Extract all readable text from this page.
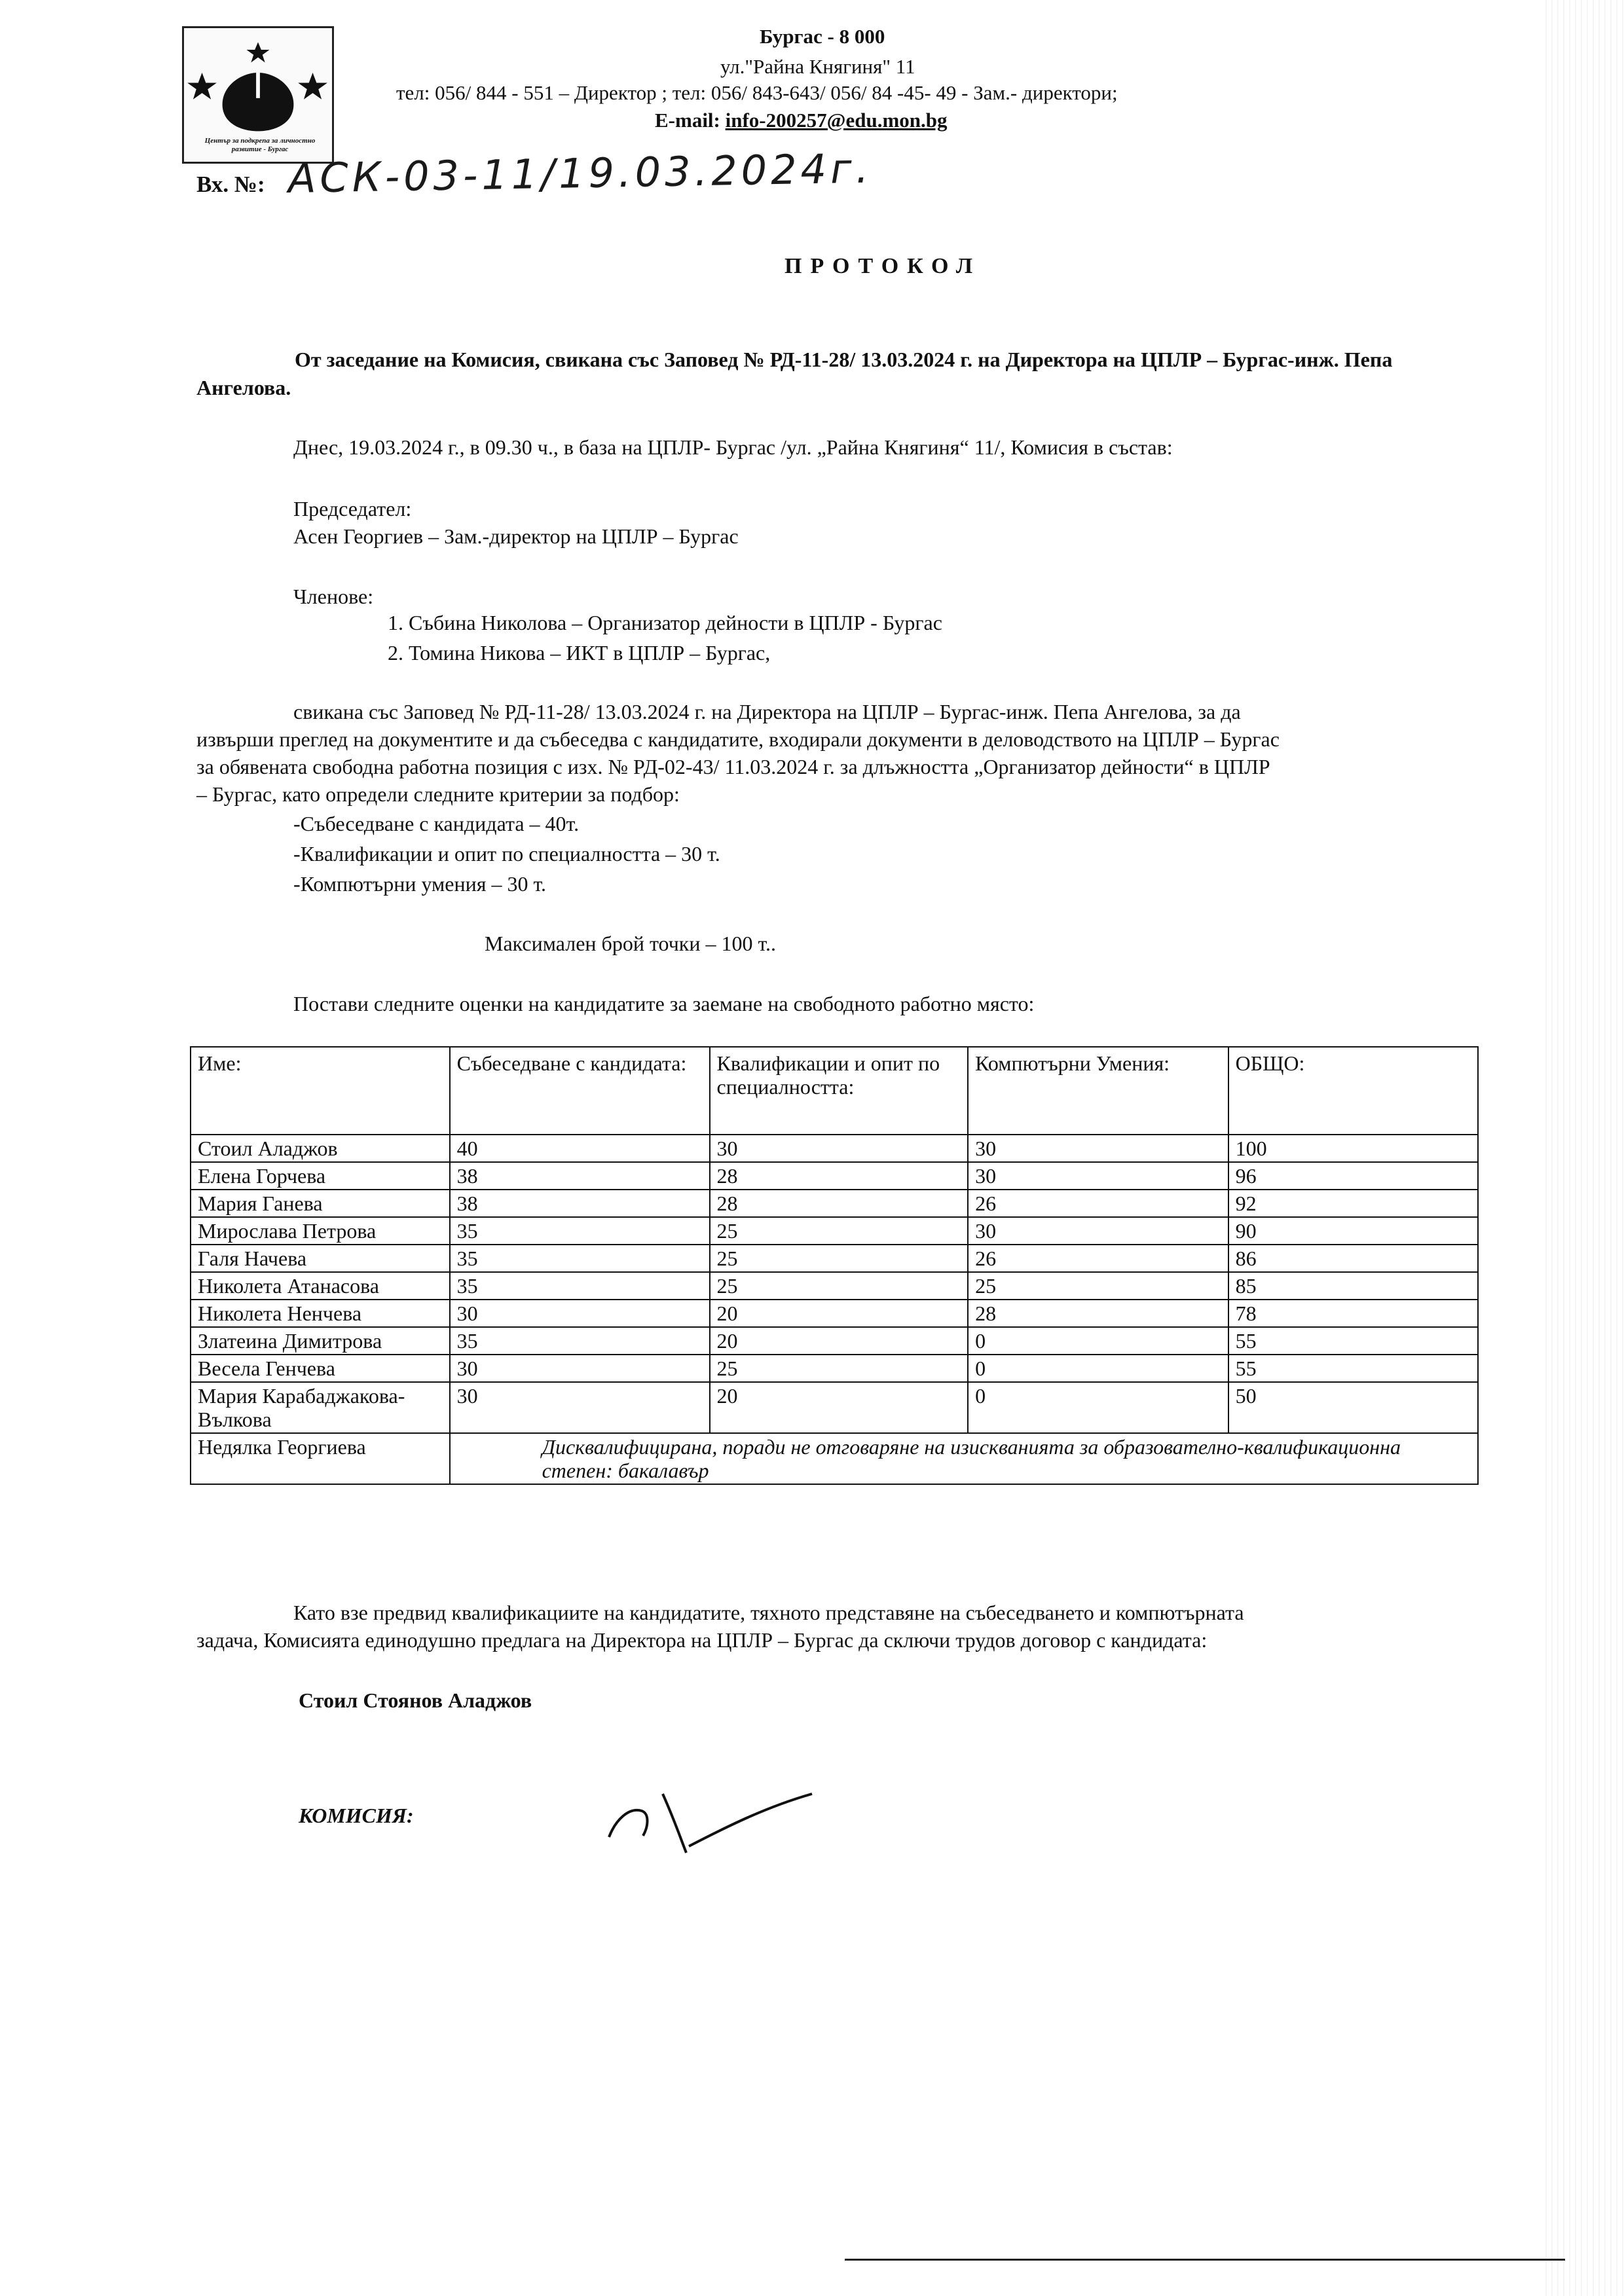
Център за подкрепа за личностно развитие - Бургас
Бургас - 8 000
ул."Райна Княгиня" 11
тел: 056/ 844 - 551 – Директор ; тел: 056/ 843-643/ 056/ 84 -45- 49 - Зам.- директори;
E-mail: info-200257@edu.mon.bg
Вх. №: АСК-03-11/19.03.2024г.
ПРОТОКОЛ
От заседание на Комисия, свикана със Заповед № РД-11-28/ 13.03.2024 г. на Директора на ЦПЛР – Бургас-инж. Пепа Ангелова.
Днес, 19.03.2024 г., в 09.30 ч., в база на ЦПЛР- Бургас /ул. „Райна Княгиня“ 11/, Комисия в състав:
Председател:
Асен Георгиев – Зам.-директор на ЦПЛР – Бургас
Членове:
1. Събина Николова – Организатор дейности в ЦПЛР - Бургас
2. Томина Никова – ИКТ в ЦПЛР – Бургас,
свикана със Заповед № РД-11-28/ 13.03.2024 г. на Директора на ЦПЛР – Бургас-инж. Пепа Ангелова, за да
извърши преглед на документите и да събеседва с кандидатите, входирали документи в деловодството на ЦПЛР – Бургас
за обявената свободна работна позиция с изх. № РД-02-43/ 11.03.2024 г. за длъжността „Организатор дейности“ в ЦПЛР
– Бургас, като определи следните критерии за подбор:
-Събеседване с кандидата – 40т.
-Квалификации и опит по специалността – 30 т.
-Компютърни умения – 30 т.
Максимален брой точки – 100 т..
Постави следните оценки на кандидатите за заемане на свободното работно място:
Име:	Събеседване с кандидата:	Квалификации и опит по специалността:	Компютърни Умения:	ОБЩО:
Стоил Аладжов	40	30	30	100
Елена Горчева	38	28	30	96
Мария Ганева	38	28	26	92
Мирослава Петрова	35	25	30	90
Галя Начева	35	25	26	86
Николета Атанасова	35	25	25	85
Николета Ненчева	30	20	28	78
Златеина Димитрова	35	20	0	55
Весела Генчева	30	25	0	55
Мария Карабаджакова-Вълкова	30	20	0	50
Недялка Георгиева	Дисквалифицирана, поради не отговаряне на изискванията за образователно-квалификационна степен: бакалавър			
Като взе предвид квалификациите на кандидатите, тяхното представяне на събеседването и компютърната
задача, Комисията единодушно предлага на Директора на ЦПЛР – Бургас да сключи трудов договор с кандидата:
Стоил Стоянов Аладжов
КОМИСИЯ:
